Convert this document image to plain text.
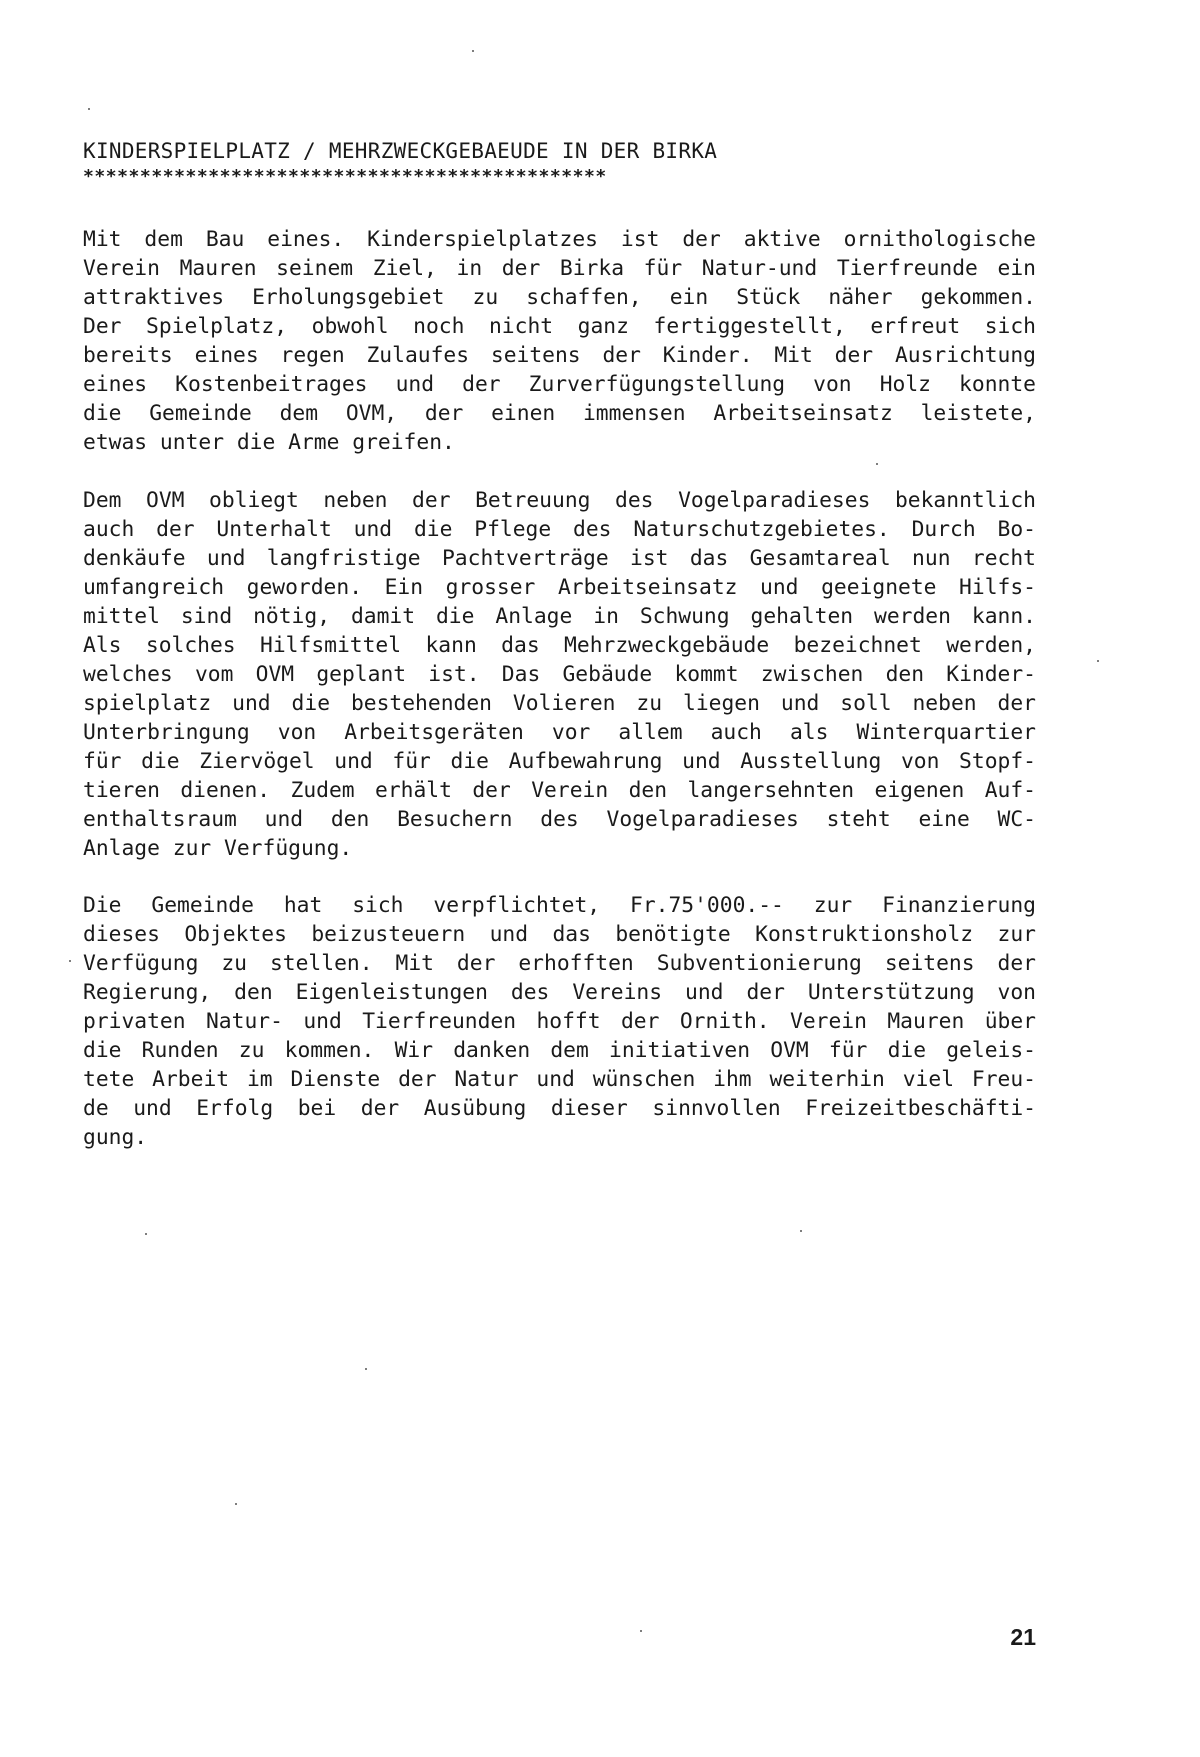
KINDERSPIELPLATZ / MEHRZWECKGEBAEUDE IN DER BIRKA
**********************************************
Mit dem Bau eines. Kinderspielplatzes ist der aktive ornithologische
Verein Mauren seinem Ziel, in der Birka für Natur-und Tierfreunde ein
attraktives Erholungsgebiet zu schaffen, ein Stück näher gekommen.
Der Spielplatz, obwohl noch nicht ganz fertiggestellt, erfreut sich
bereits eines regen Zulaufes seitens der Kinder. Mit der Ausrichtung
eines Kostenbeitrages und der Zurverfügungstellung von Holz konnte
die Gemeinde dem OVM, der einen immensen Arbeitseinsatz leistete,
etwas unter die Arme greifen.
Dem OVM obliegt neben der Betreuung des Vogelparadieses bekanntlich
auch der Unterhalt und die Pflege des Naturschutzgebietes. Durch Bo-
denkäufe und langfristige Pachtverträge ist das Gesamtareal nun recht
umfangreich geworden. Ein grosser Arbeitseinsatz und geeignete Hilfs-
mittel sind nötig, damit die Anlage in Schwung gehalten werden kann.
Als solches Hilfsmittel kann das Mehrzweckgebäude bezeichnet werden,
welches vom OVM geplant ist. Das Gebäude kommt zwischen den Kinder-
spielplatz und die bestehenden Volieren zu liegen und soll neben der
Unterbringung von Arbeitsgeräten vor allem auch als Winterquartier
für die Ziervögel und für die Aufbewahrung und Ausstellung von Stopf-
tieren dienen. Zudem erhält der Verein den langersehnten eigenen Auf-
enthaltsraum und den Besuchern des Vogelparadieses steht eine WC-
Anlage zur Verfügung.
Die Gemeinde hat sich verpflichtet, Fr.75'000.-- zur Finanzierung
dieses Objektes beizusteuern und das benötigte Konstruktionsholz zur
Verfügung zu stellen. Mit der erhofften Subventionierung seitens der
Regierung, den Eigenleistungen des Vereins und der Unterstützung von
privaten Natur- und Tierfreunden hofft der Ornith. Verein Mauren über
die Runden zu kommen. Wir danken dem initiativen OVM für die geleis-
tete Arbeit im Dienste der Natur und wünschen ihm weiterhin viel Freu-
de und Erfolg bei der Ausübung dieser sinnvollen Freizeitbeschäfti-
gung.
21
